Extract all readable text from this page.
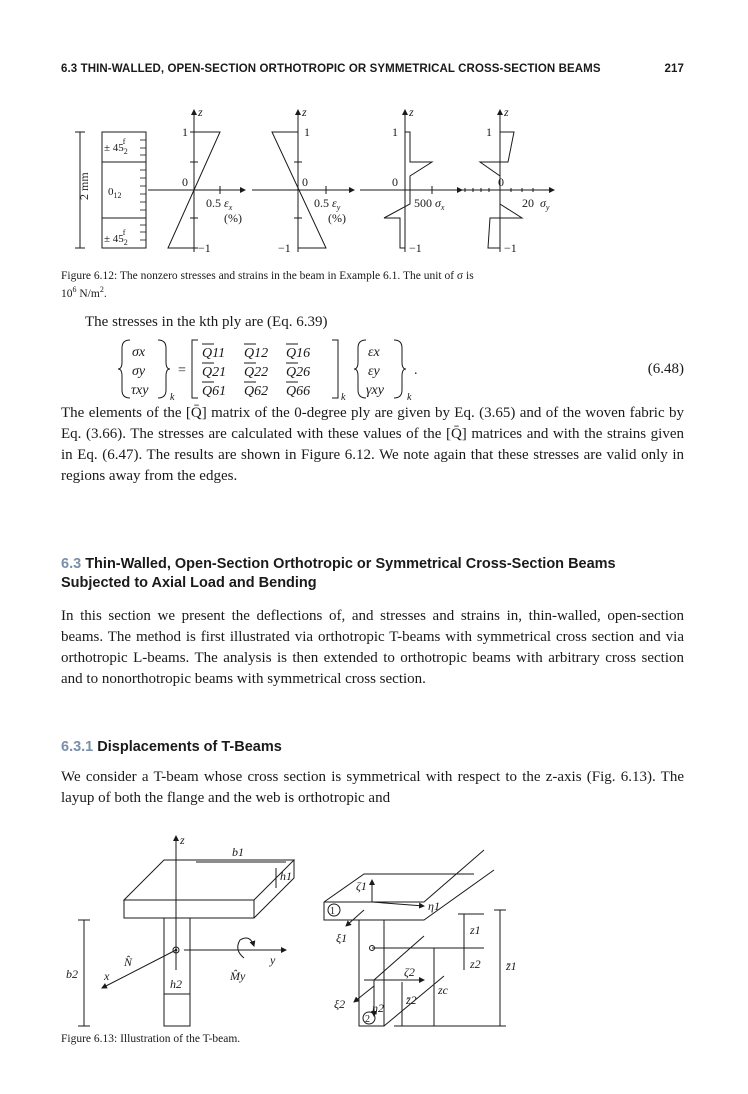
6.3 THIN-WALLED, OPEN-SECTION ORTHOTROPIC OR SYMMETRICAL CROSS-SECTION BEAMS	217
2 mm
± $45_2f$
$0_{12}$
± $45_2f$
z
1
0
−1
0.5 $\varepsilon_x$
(%)
z
1
0
−1
0.5 $\varepsilon_y$
(%)
z
1
0
−1
500 $\sigma_x$
z
1
0
−1
20 $\sigma_y$
Figure 6.12: The nonzero stresses and strains in the beam in Example 6.1. The unit of σ is
$10^6$ $N/m^2$.

The stresses in the kth ply are (Eq. 6.39)

σx
σy
τxy k
=
Q11 Q12 Q16
Q21 Q22 Q26
Q61 Q62 Q66	k
εx
εy
γxy k
.	(6.48)

The elements of the [Q̄] matrix of the 0-degree ply are given by Eq. (3.65) and of the woven fabric by Eq. (3.66). The stresses are calculated with these values of the [Q̄] matrices and with the strains given in Eq. (6.47). The results are shown in Figure 6.12. We note again that these stresses are valid only in regions away from the edges.

6.3 Thin-Walled, Open-Section Orthotropic or Symmetrical Cross-Section Beams Subjected to Axial Load and Bending

In this section we present the deflections of, and stresses and strains in, thin-walled, open-section beams. The method is first illustrated via orthotropic T-beams with symmetrical cross section and via orthotropic L-beams. The analysis is then extended to orthotropic beams with arbitrary cross section and to nonorthotropic beams with symmetrical cross section.

6.3.1 Displacements of T-Beams

We consider a T-beam whose cross section is symmetrical with respect to the z-axis (Fig. 6.13). The layup of both the flange and the web is orthotropic and

z
b1
h1
b2
h2
x
y
N̂
M̂y
ζ1
η1
ξ1
1
ζ2
η2
ξ2
2
z1
z2 z̄1
z̄2
zc
Figure 6.13: Illustration of the T-beam.
